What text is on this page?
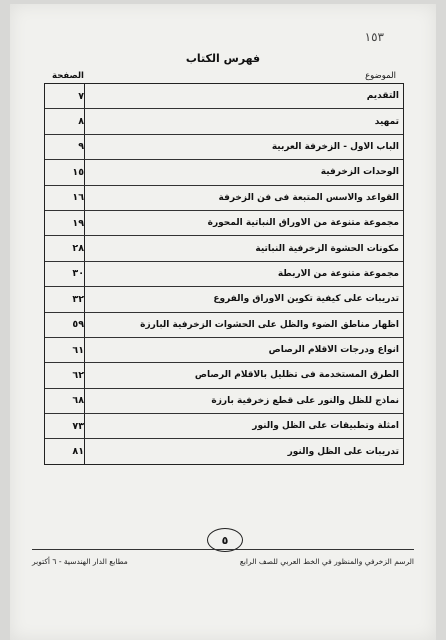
١٥٣
فهرس الكتاب
الموضوع
الصفحة
التقديم
٧
تمهيد
٨
الباب الأول - الزخرفة العربية
٩
الوحدات الزخرفية
١٥
القواعد والأسس المتبعة فى فن الزخرفة
١٦
مجموعة متنوعة من الأوراق النباتية المحورة
١٩
مكونات الحشوة الزخرفية النباتية
٢٨
مجموعة متنوعة من الأربطة
٣٠
تدريبات على كيفية تكوين الأوراق والفروع
٣٢
اظهار مناطق الضوء والظل على الحشوات الزخرفية البارزة
٥٩
أنواع ودرجات الأقلام الرصاص
٦١
الطرق المستخدمة فى تظليل بالأقلام الرصاص
٦٢
نماذج للظل والنور على قطع زخرفية بارزة
٦٨
امثلة وتطبيقات على الظل والنور
٧٣
تدريبات على الظل والنور
٨١
٥
الرسم الزخرفي والمنظور في الخط العربي للصف الرابع
مطابع الدار الهندسية - ٦ أكتوبر
